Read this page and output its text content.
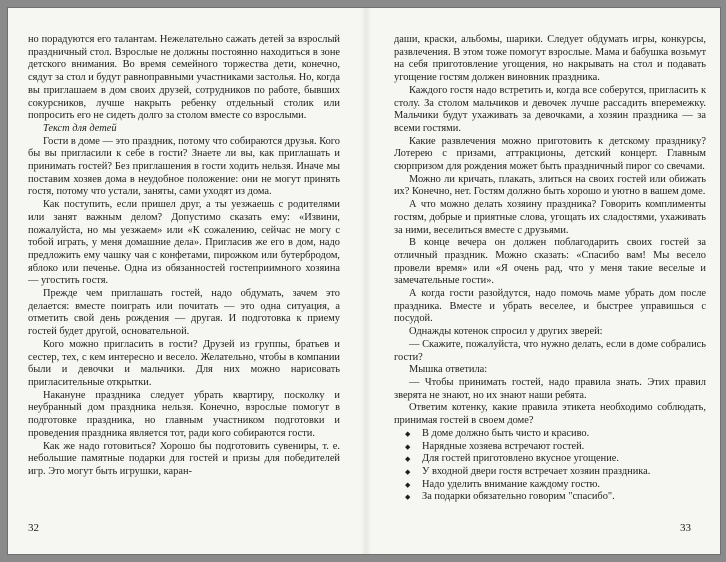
но порадуются его талантам. Нежелательно сажать детей за взрослый праздничный стол. Взрослые не должны постоянно находиться в зоне детского внимания. Во время семейного торжества дети, конечно, сядут за стол и будут равноправными участниками застолья. Но, когда вы приглашаем в дом своих друзей, сотрудников по работе, бывших сокурсников, лучше накрыть ребенку отдельный столик или попросить его не сидеть долго за столом вместе со взрослыми.

Текст для детей

Гости в доме — это праздник, потому что собираются друзья. Кого бы вы пригласили к себе в гости? Знаете ли вы, как приглашать и принимать гостей? Без приглашения в гости ходить нельзя. Иначе мы поставим хозяев дома в неудобное положение: они не могут принять гостя, потому что устали, заняты, сами уходят из дома.

Как поступить, если пришел друг, а ты уезжаешь с родителями или занят важным делом? Допустимо сказать ему: «Извини, пожалуйста, но мы уезжаем» или «К сожалению, сейчас не могу с тобой играть, у меня домашние дела». Пригласив же его в дом, надо предложить ему чашку чая с конфетами, пирожком или бутербродом, яблоко или печенье. Одна из обязанностей гостеприимного хозяина — угостить гостя.

Прежде чем приглашать гостей, надо обдумать, зачем это делается: вместе поиграть или почитать — это одна ситуация, а отметить свой день рождения — другая. И подготовка к приему гостей будет другой, основательной.

Кого можно пригласить в гости? Друзей из группы, братьев и сестер, тех, с кем интересно и весело. Желательно, чтобы в компании были и девочки и мальчики. Для них можно нарисовать пригласительные открытки.

Накануне праздника следует убрать квартиру, посколку и неубранный дом праздника нельзя. Конечно, взрослые помогут в подготовке праздника, но главным участником подготовки и проведения праздника является тот, ради кого собираются гости.

Как же надо готовиться? Хорошо бы подготовить сувениры, т. е. небольшие памятные подарки для гостей и призы для победителей игр. Это могут быть игрушки, каран-

32

даши, краски, альбомы, шарики. Следует обдумать игры, конкурсы, развлечения. В этом тоже помогут взрослые. Мама и бабушка возьмут на себя приготовление угощения, но накрывать на стол и подавать угощение гостям должен виновник праздника.

Каждого гостя надо встретить и, когда все соберутся, пригласить к столу. За столом мальчиков и девочек лучше рассадить вперемежку. Мальчики будут ухаживать за девочками, а хозяин праздника — за всеми гостями.

Какие развлечения можно приготовить к детскому празднику? Лотерею с призами, аттракционы, детский концерт. Главным сюрпризом для рождения может быть праздничный пирог со свечами.

Можно ли кричать, плакать, злиться на своих гостей или обижать их? Конечно, нет. Гостям должно быть хорошо и уютно в вашем доме.

А что можно делать хозяину праздника? Говорить комплименты гостям, добрые и приятные слова, угощать их сладостями, ухаживать за ними, веселиться вместе с друзьями.

В конце вечера он должен поблагодарить своих гостей за отличный праздник. Можно сказать: «Спасибо вам! Мы весело провели время» или «Я очень рад, что у меня такие веселые и замечательные гости».

А когда гости разойдутся, надо помочь маме убрать дом после праздника. Вместе и убрать веселее, и быстрее управишься с посудой.

Однажды котенок спросил у других зверей:

— Скажите, пожалуйста, что нужно делать, если в доме собрались гости?

Мышка ответила:

— Чтобы принимать гостей, надо правила знать. Этих правил зверята не знают, но их знают наши ребята.

Ответим котенку, какие правила этикета необходимо соблюдать, принимая гостей в своем доме?

◆ В доме должно быть чисто и красиво.
◆ Нарядные хозяева встречают гостей.
◆ Для гостей приготовлено вкусное угощение.
◆ У входной двери гостя встречает хозяин праздника.
◆ Надо уделить внимание каждому гостю.
◆ За подарки обязательно говорим "спасибо".
33
